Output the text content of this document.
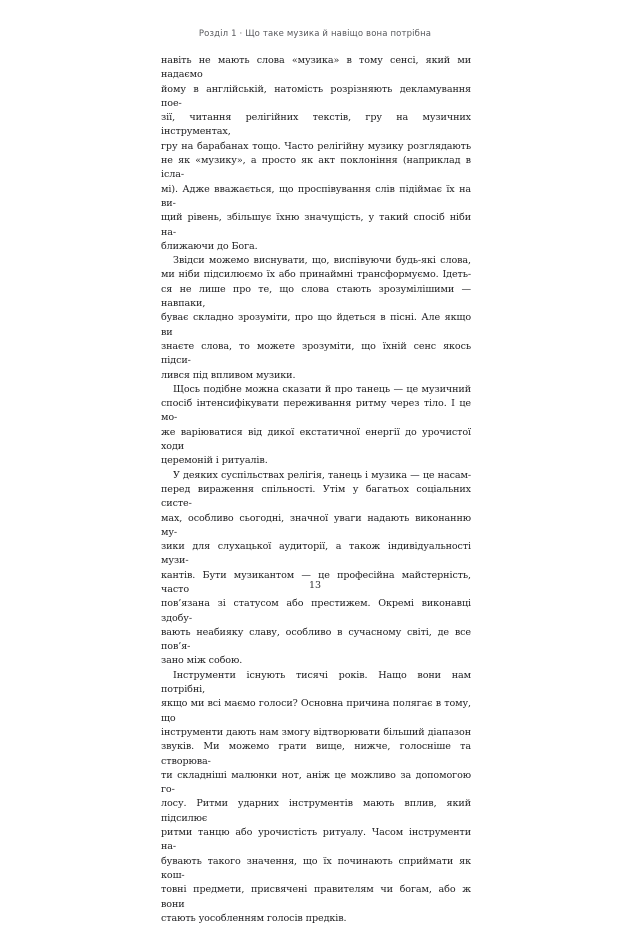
Розділ 1 · Що таке музика й навіщо вона потрібна
навіть не мають слова «музика» в тому сенсі, який ми надаємо
йому в англійській, натомість розрізняють декламування пое-
зії, читання релігійних текстів, гру на музичних інструментах,
гру на барабанах тощо. Часто релігійну музику розглядають
не як «музику», а просто як акт поклоніння (наприклад в ісла-
мі). Адже вважається, що проспівування слів підіймає їх на ви-
щий рівень, збільшує їхню значущість, у такий спосіб ніби на-
ближаючи до Бога.
Звідси можемо виснувати, що, виспівуючи будь-які слова,
ми ніби підсилюємо їх або принаймні трансформуємо. Ідеть-
ся не лише про те, що слова стають зрозумілішими — навпаки,
буває складно зрозуміти, про що йдеться в пісні. Але якщо ви
знаєте слова, то можете зрозуміти, що їхній сенс якось підси-
лився під впливом музики.
Щось подібне можна сказати й про танець — це музичний
спосіб інтенсифікувати переживання ритму через тіло. І це мо-
же варіюватися від дикої екстатичної енергії до урочистої ходи
церемоній і ритуалів.
У деяких суспільствах релігія, танець і музика — це насам-
перед вираження спільності. Утім у багатьох соціальних систе-
мах, особливо сьогодні, значної уваги надають виконанню му-
зики для слухацької аудиторії, а також індивідуальності музи-
кантів. Бути музикантом — це професійна майстерність, часто
пов’язана зі статусом або престижем. Окремі виконавці здобу-
вають неабияку славу, особливо в сучасному світі, де все пов’я-
зано між собою.
Інструменти існують тисячі років. Нащо вони нам потрібні,
якщо ми всі маємо голоси? Основна причина полягає в тому, що
інструменти дають нам змогу відтворювати більший діапазон
звуків. Ми можемо грати вище, нижче, голосніше та створюва-
ти складніші малюнки нот, аніж це можливо за допомогою го-
лосу. Ритми ударних інструментів мають вплив, який підсилює
ритми танцю або урочистість ритуалу. Часом інструменти на-
бувають такого значення, що їх починають сприймати як кош-
товні предмети, присвячені правителям чи богам, або ж вони
стають уособленням голосів предків.
13
